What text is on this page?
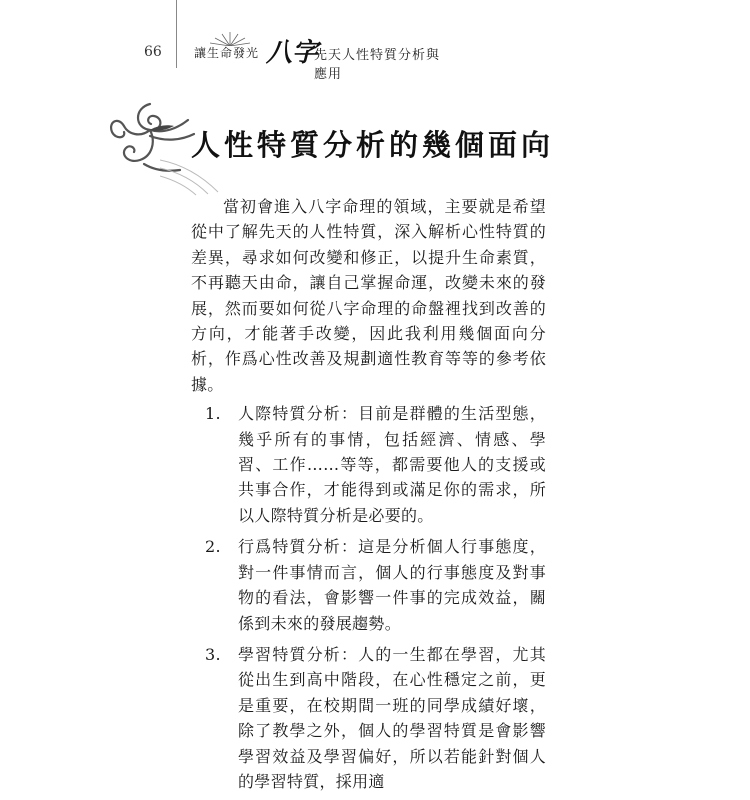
66	讓生命發光 八字
先天人性特質分析與應用
人性特質分析的幾個面向

當初會進入八字命理的領域，主要就是希望從中了解先天的人性特質，深入解析心性特質的差異，尋求如何改變和修正，以提升生命素質，不再聽天由命，讓自己掌握命運，改變未來的發展，然而要如何從八字命理的命盤裡找到改善的方向，才能著手改變，因此我利用幾個面向分析，作爲心性改善及規劃適性教育等等的參考依據。

1. 人際特質分析：目前是群體的生活型態，幾乎所有的事情，包括經濟、情感、學習、工作……等等，都需要他人的支援或共事合作，才能得到或滿足你的需求，所以人際特質分析是必要的。
2. 行爲特質分析：這是分析個人行事態度，對一件事情而言，個人的行事態度及對事物的看法，會影響一件事的完成效益，關係到未來的發展趨勢。
3. 學習特質分析：人的一生都在學習，尤其從出生到高中階段，在心性穩定之前，更是重要，在校期間一班的同學成績好壞，除了教學之外，個人的學習特質是會影響學習效益及學習偏好，所以若能針對個人的學習特質，採用適
